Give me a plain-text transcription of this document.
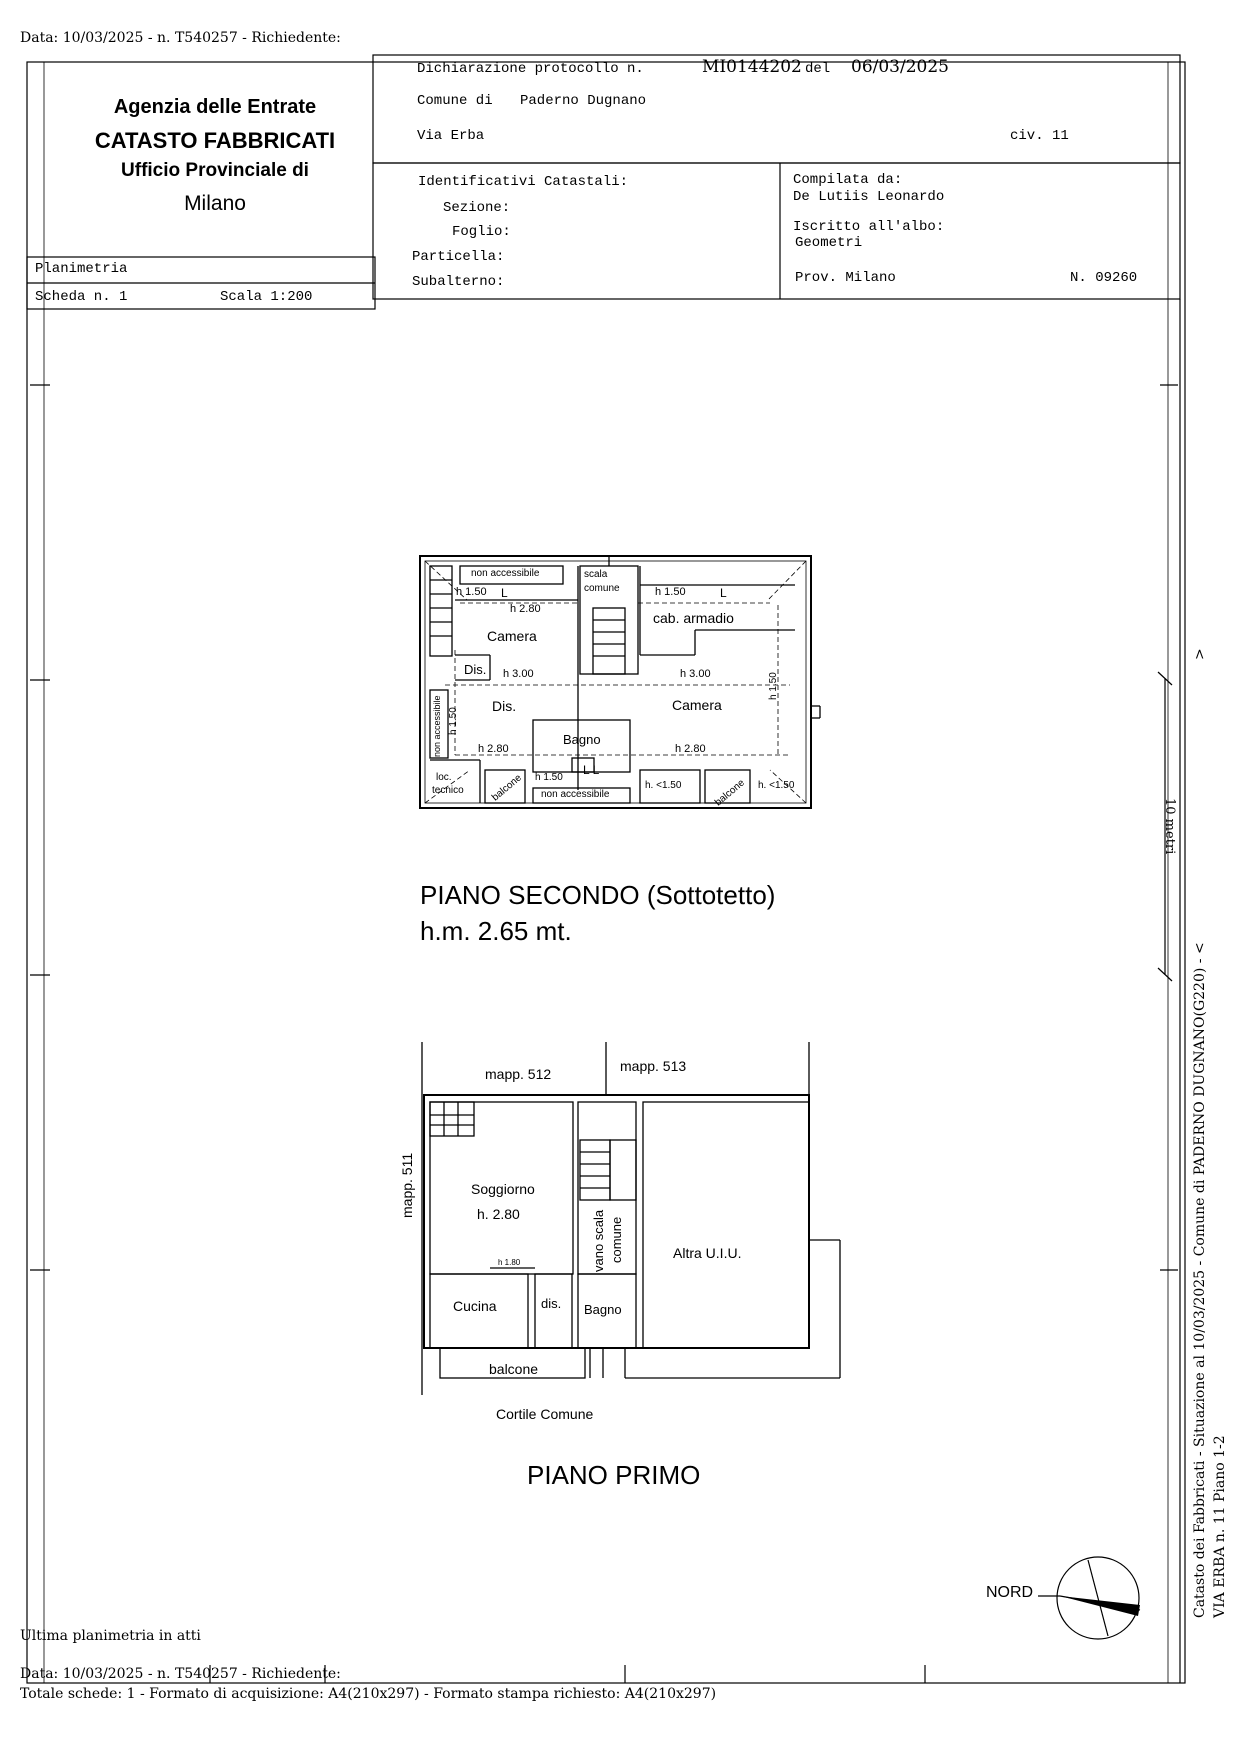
Data: 10/03/2025 - n. T540257 - Richiedente:
Agenzia delle Entrate
CATASTO FABBRICATI
Ufficio Provinciale di
Milano
Planimetria
Scheda n. 1	Scala 1:200
Dichiarazione protocollo n.	MI0144202 del 06/03/2025
Comune di Paderno Dugnano
Via Erba	civ. 11
Identificativi Catastali:
Sezione:
Foglio:
Particella:
Subalterno:
Compilata da:
De Lutiis Leonardo
Iscritto all'albo:
Geometri
Prov. Milano	N. 09260
non accessibile	scala
comune
h 1.50 L	h 1.50	L
h 2.80
cab. armadio
Camera
Dis. h 3.00	h 3.00
Dis.	Camera
h 1.50
h 1.50
non accessibile	Bagno
h 2.80	h 2.80
loc.
tecnico	balcone h 1.50
L L
non accessibile
h. <1.50	balcone h. <1.50
PIANO SECONDO (Sottotetto)
h.m. 2.65 mt.
mapp. 512	mapp. 513
mapp. 511	Soggiorno
h. 2.80	vano scala comune	Altra U.I.U.
h 1.80
Cucina	dis. Bagno
balcone
Cortile Comune
PIANO PRIMO
10 metri
NORD
>
Catasto dei Fabbricati - Situazione al 10/03/2025 - Comune di PADERNO DUGNANO(G220) - < VIA ERBA n. 11 Piano 1-2
Ultima planimetria in atti
Data: 10/03/2025 - n. T540257 - Richiedente:
Totale schede: 1 - Formato di acquisizione: A4(210x297) - Formato stampa richiesto: A4(210x297)
